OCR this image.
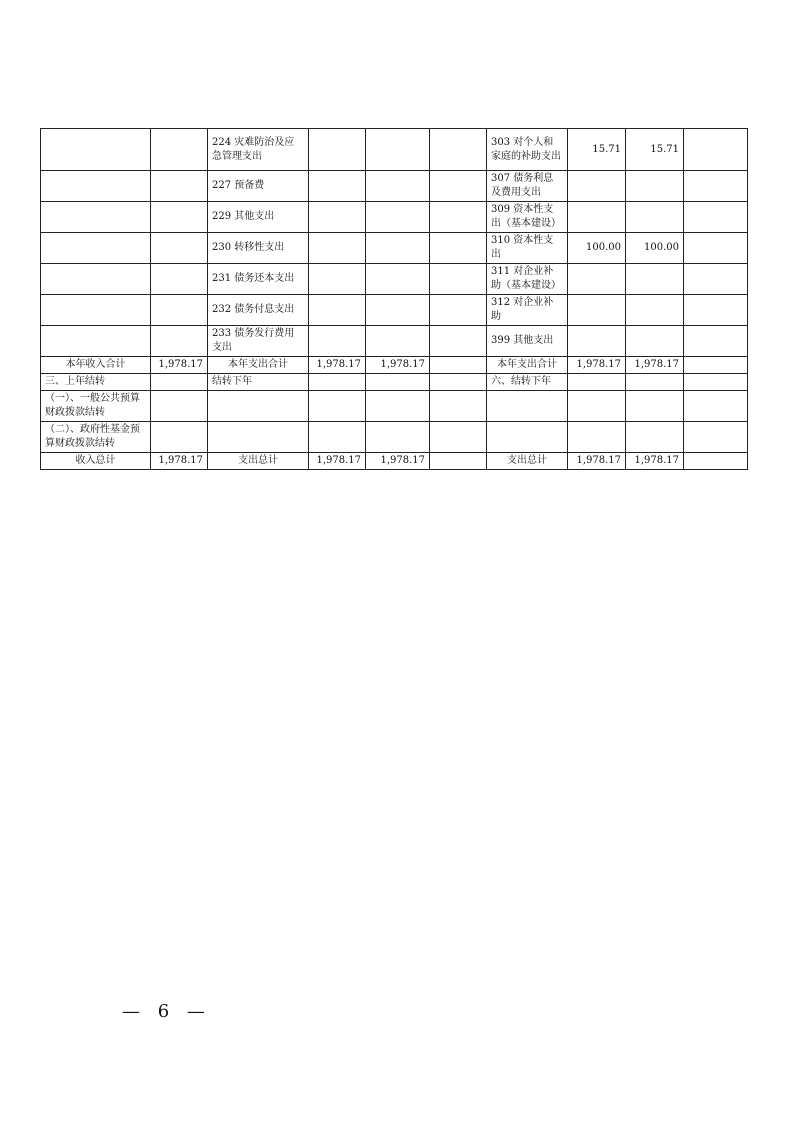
		224 灾难防治及应急管理支出				303 对个人和家庭的补助支出	15.71	15.71	
		227 预备费				307 债务利息及费用支出			
		229 其他支出				309 资本性支出（基本建设）			
		230 转移性支出				310 资本性支出	100.00	100.00	
		231 债务还本支出				311 对企业补助（基本建设）			
		232 债务付息支出				312 对企业补助			
		233 债务发行费用支出				399 其他支出			
本年收入合计	1,978.17	本年支出合计	1,978.17	1,978.17		本年支出合计	1,978.17	1,978.17	
三、上年结转		结转下年				六、结转下年			
（一）、一般公共预算财政拨款结转									
（二）、政府性基金预算财政拨款结转									
收入总计	1,978.17	支出总计	1,978.17	1,978.17		支出总计	1,978.17	1,978.17	
— 6 —
